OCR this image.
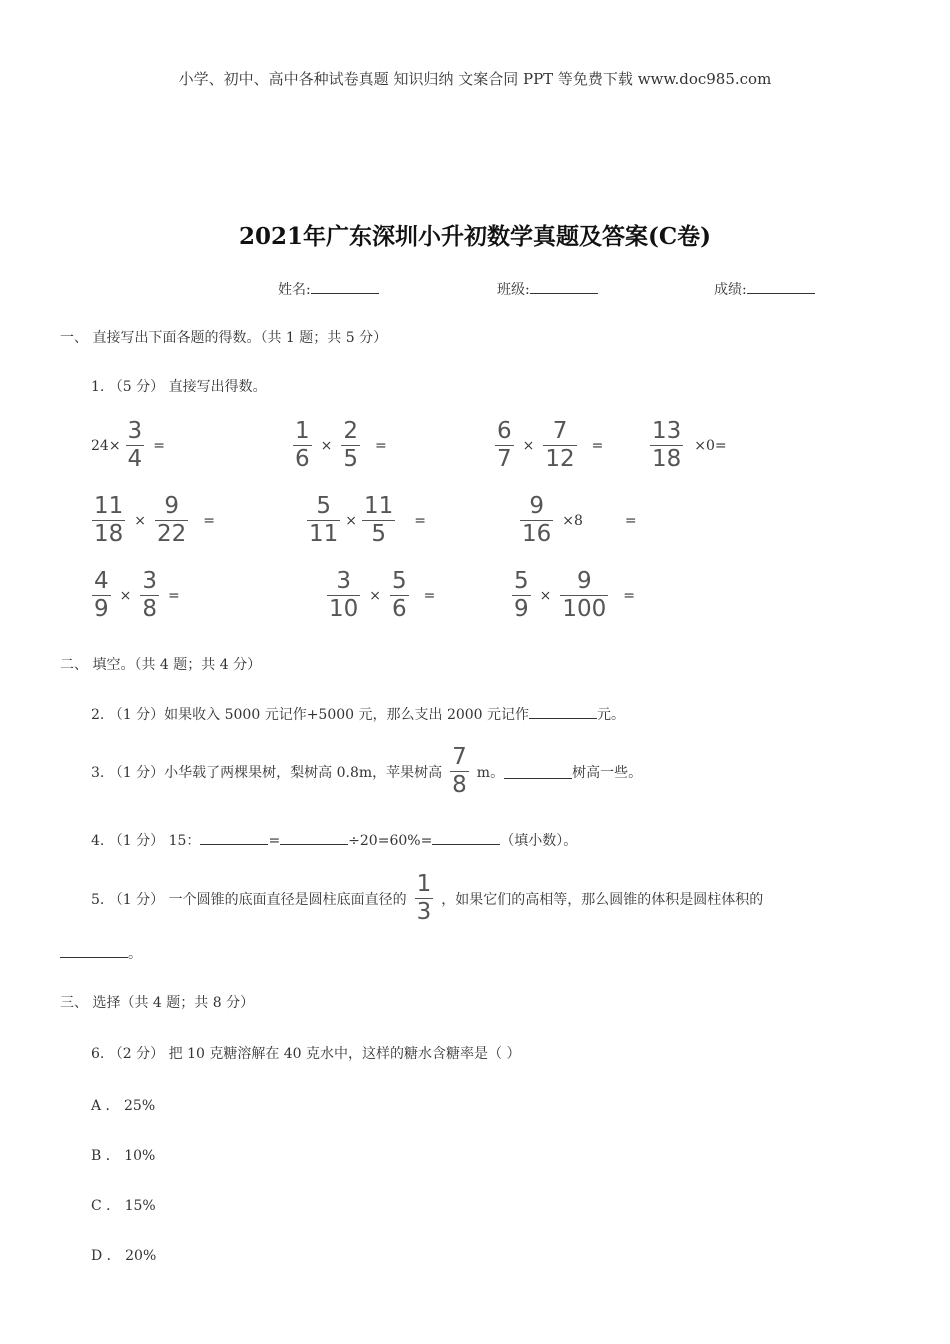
小学、初中、高中各种试卷真题 知识归纳 文案合同 PPT 等免费下载 www.doc985.com
2021年广东深圳小升初数学真题及答案(C卷)
姓名:	班级:	成绩:
一、 直接写出下面各题的得数。（共 1 题；共 5 分）
1. （5 分） 直接写出得数。
$24\times \frac{3}{4}$ =	$\frac{1}{6} \times \frac{2}{5}$ =	$\frac{6}{7} \times \frac{7}{12} = \frac{13}{18} \times 0=$
$\frac{11}{18} \times \frac{9}{22}$ =	$\frac{5}{11} \times \frac{11}{5}$ =	$\frac{9}{16} \times 8$	=
$\frac{4}{9} \times \frac{3}{8}$ =	$\frac{3}{10} \times \frac{5}{6}$ =	$\frac{5}{9} \times \frac{9}{100}$ =
二、 填空。（共 4 题；共 4 分）
2. （1 分）如果收入 5000 元记作+5000 元，那么支出 2000 元记作	元。
3. （1 分）小华载了两棵果树，梨树高 0.8m，苹果树高 $\frac{7}{8}$ m。	树高一些。
4. （1 分） 15：	=	÷20=60%=	（填小数）。
5. （1 分） 一个圆锥的底面直径是圆柱底面直径的 $\frac{1}{3}$ ，如果它们的高相等，那么圆锥的体积是圆柱体积的
。
三、 选择（共 4 题；共 8 分）
6. （2 分） 把 10 克糖溶解在 40 克水中，这样的糖水含糖率是（ ）
A ． 25%
B ． 10%
C ． 15%
D ． 20%
